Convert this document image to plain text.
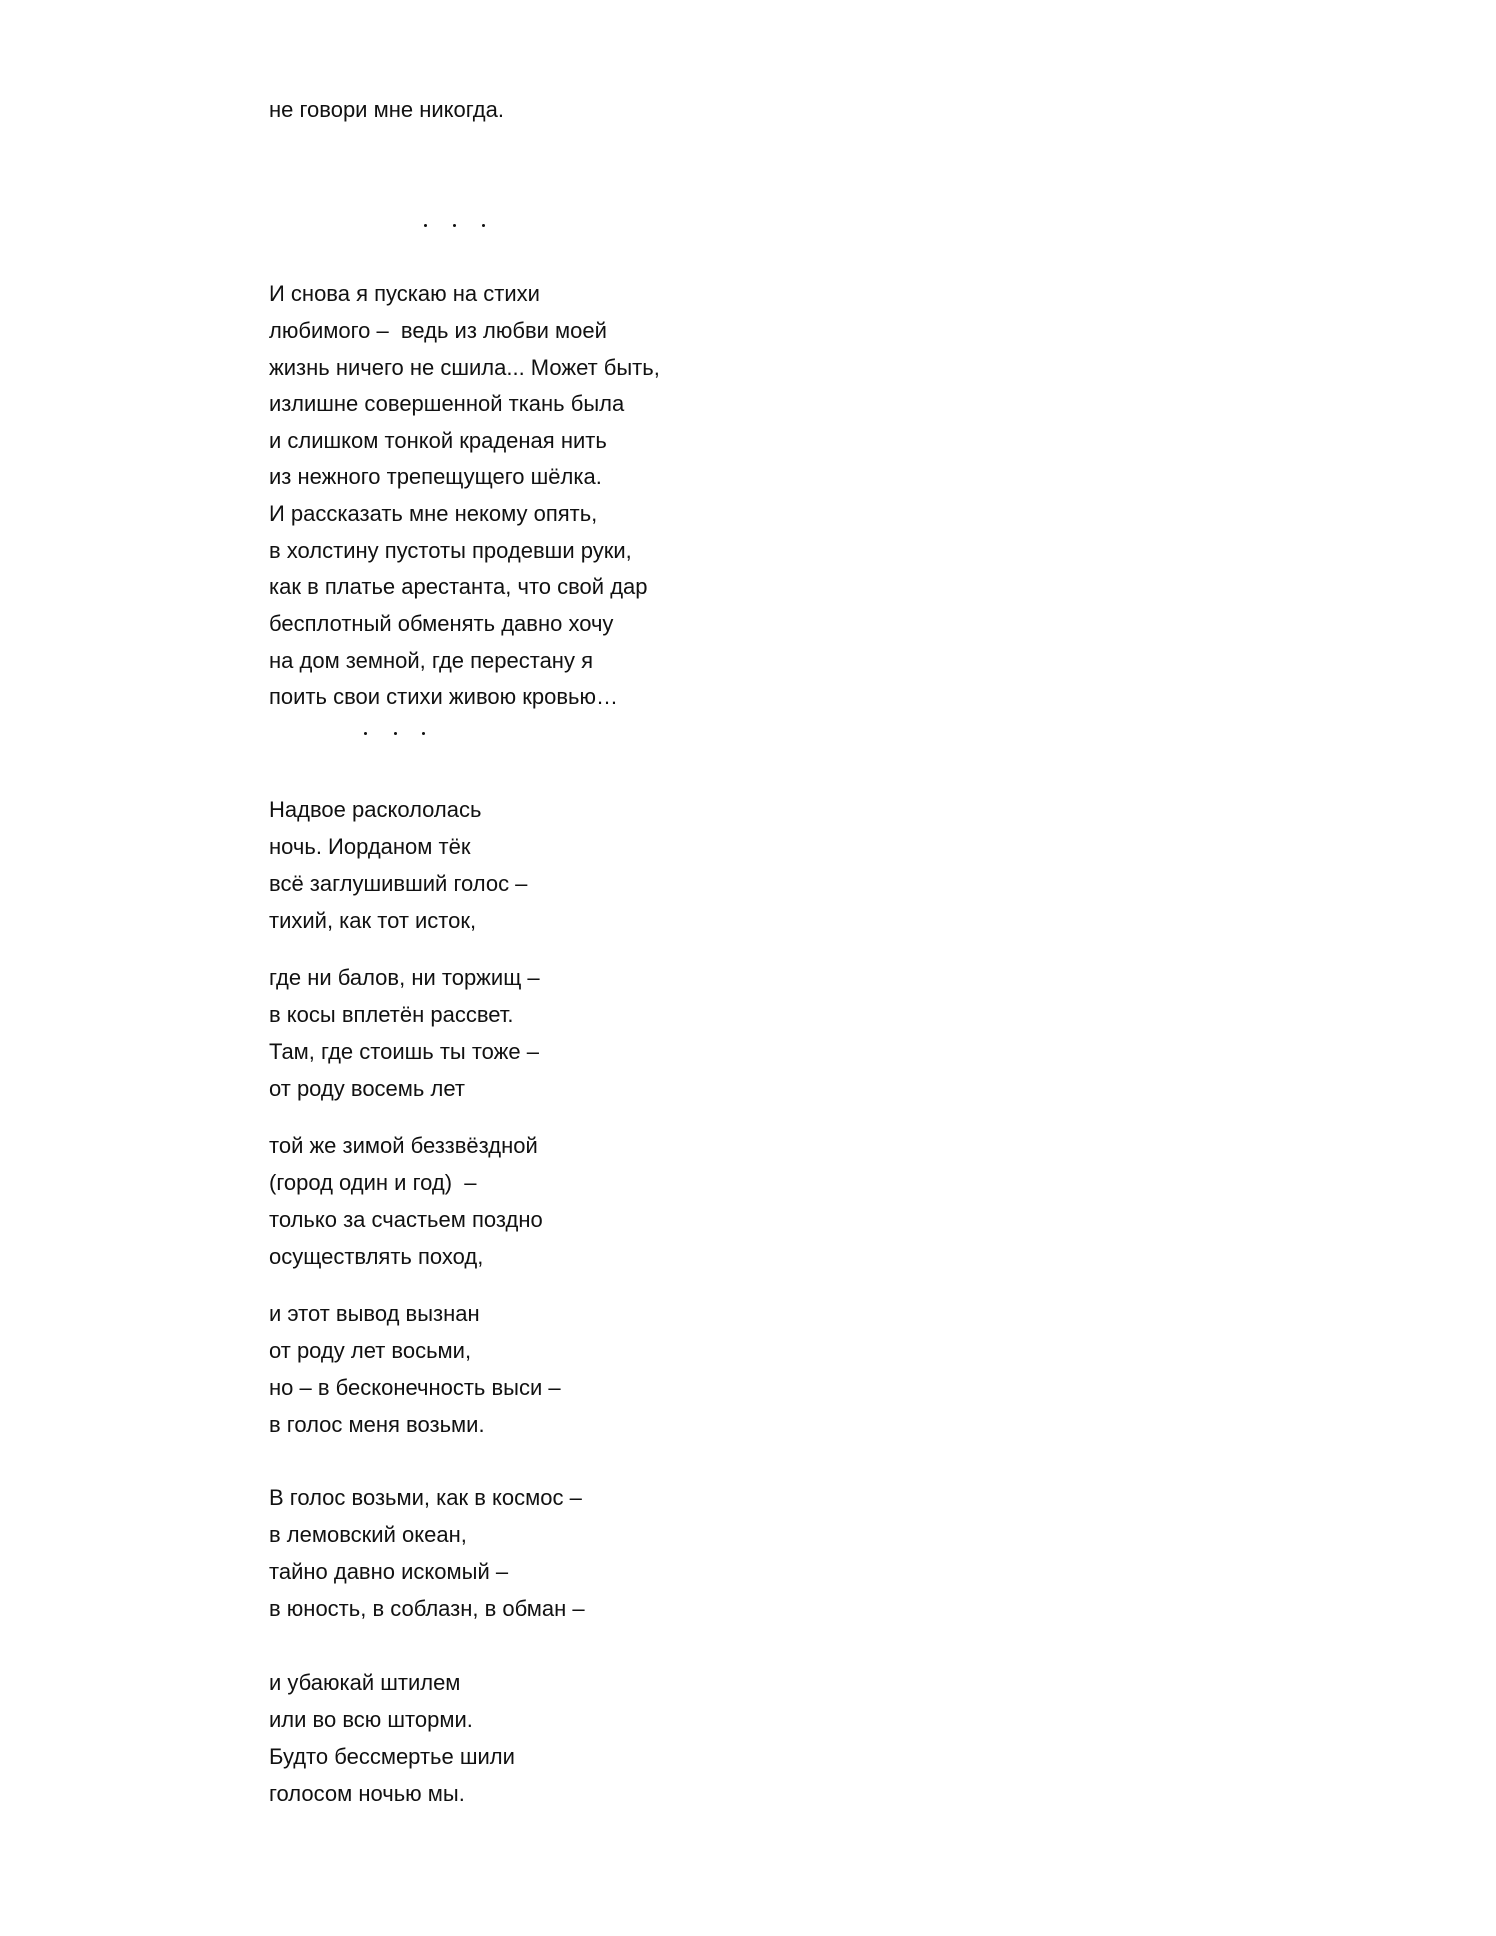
не говори мне никогда.
И снова я пускаю на стихи
любимого –  ведь из любви моей
жизнь ничего не сшила... Может быть,
излишне совершенной ткань была
и слишком тонкой краденая нить
из нежного трепещущего шёлка.
И рассказать мне некому опять,
в холстину пустоты продевши руки,
как в платье арестанта, что свой дар
бесплотный обменять давно хочу
на дом земной, где перестану я
поить свои стихи живою кровью…
Надвое раскололась
ночь. Иорданом тёк
всё заглушивший голос –
тихий, как тот исток,
где ни балов, ни торжищ –
в косы вплетён рассвет.
Там, где стоишь ты тоже –
от роду восемь лет
той же зимой беззвёздной
(город один и год)  –
только за счастьем поздно
осуществлять поход,
и этот вывод вызнан
от роду лет восьми,
но – в бесконечность выси –
в голос меня возьми.
В голос возьми, как в космос –
в лемовский океан,
тайно давно искомый –
в юность, в соблазн, в обман –
и убаюкай штилем
или во всю шторми.
Будто бессмертье шили
голосом ночью мы.
